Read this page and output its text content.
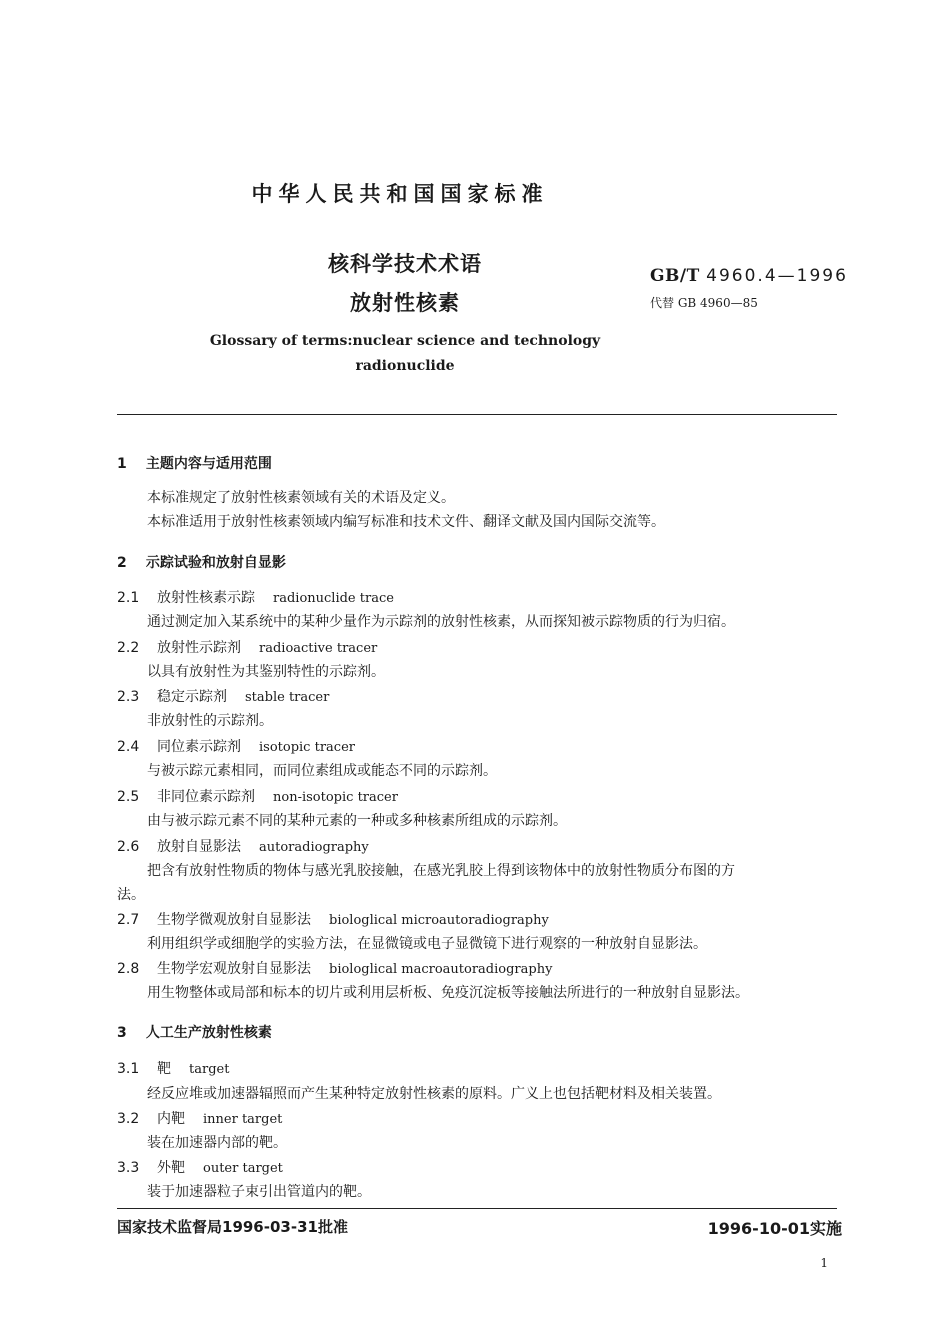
中华人民共和国国家标准
核科学技术术语
放射性核素
GB/T 4960.4—1996
代替 GB 4960—85
Glossary of terms:nuclear science and technology
radionuclide
1 主题内容与适用范围
本标准规定了放射性核素领域有关的术语及定义。
本标准适用于放射性核素领域内编写标准和技术文件、翻译文献及国内国际交流等。
2 示踪试验和放射自显影
2.1 放射性核素示踪 radionuclide trace
通过测定加入某系统中的某种少量作为示踪剂的放射性核素，从而探知被示踪物质的行为归宿。
2.2 放射性示踪剂 radioactive tracer
以具有放射性为其鉴别特性的示踪剂。
2.3 稳定示踪剂 stable tracer
非放射性的示踪剂。
2.4 同位素示踪剂 isotopic tracer
与被示踪元素相同，而同位素组成或能态不同的示踪剂。
2.5 非同位素示踪剂 non-isotopic tracer
由与被示踪元素不同的某种元素的一种或多种核素所组成的示踪剂。
2.6 放射自显影法 autoradiography
把含有放射性物质的物体与感光乳胶接触，在感光乳胶上得到该物体中的放射性物质分布图的方
法。
2.7 生物学微观放射自显影法 biologlical microautoradiography
利用组织学或细胞学的实验方法，在显微镜或电子显微镜下进行观察的一种放射自显影法。
2.8 生物学宏观放射自显影法 biologlical macroautoradiography
用生物整体或局部和标本的切片或利用层析板、免疫沉淀板等接触法所进行的一种放射自显影法。
3 人工生产放射性核素
3.1 靶 target
经反应堆或加速器辐照而产生某种特定放射性核素的原料。广义上也包括靶材料及相关装置。
3.2 内靶 inner target
装在加速器内部的靶。
3.3 外靶 outer target
装于加速器粒子束引出管道内的靶。
国家技术监督局1996-03-31批准	1996-10-01实施
1
